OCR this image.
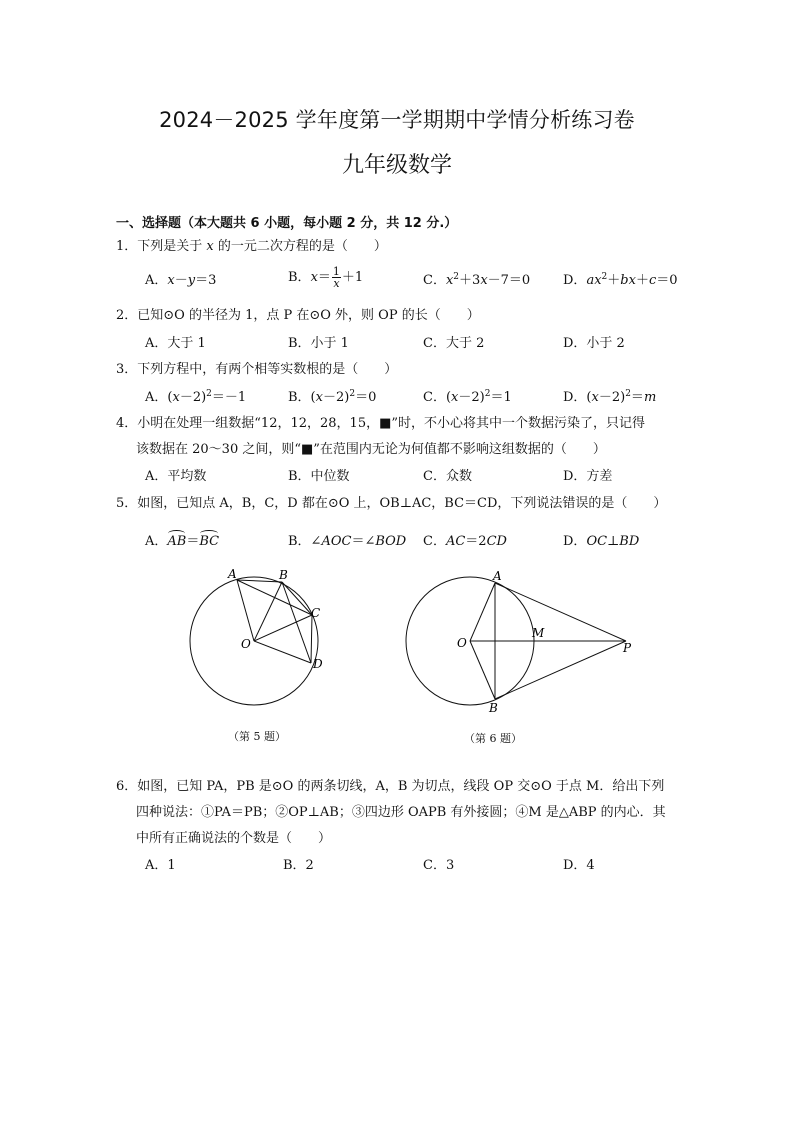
2024－2025 学年度第一学期期中学情分析练习卷
九年级数学
一、选择题（本大题共 6 小题，每小题 2 分，共 12 分.）
1．下列是关于 x 的一元二次方程的是（　　）
A．x－y＝3	B．$x= \frac{1}{x} +1$	C．$x^2+3x-7=0$	D．$ax^2+bx+c=0$
2．已知⊙O 的半径为 1，点 P 在⊙O 外，则 OP 的长（　　）
A．大于 1	B．小于 1	C．大于 2	D．小于 2
3．下列方程中，有两个相等实数根的是（　　）
A．$(x-2)^2=-1$	B．$(x-2)^2=0$	C．$(x-2)^2=1$	D．$(x-2)^2=m$
4．小明在处理一组数据“12，12，28，15，■”时，不小心将其中一个数据污染了，只记得
该数据在 20～30 之间，则“■”在范围内无论为何值都不影响这组数据的（　　）
A．平均数	B．中位数	C．众数	D．方差
5．如图，已知点 A，B，C，D 都在⊙O 上，OB⊥AC，BC＝CD，下列说法错误的是（　　）
A．AB＝BC	B．∠AOC＝∠BOD C．AC＝2CD	D．OC⊥BD
A	B
C
D
O
A
B
M
O	P
（第 5 题）	（第 6 题）
6．如图，已知 PA，PB 是⊙O 的两条切线，A，B 为切点，线段 OP 交⊙O 于点 M．给出下列
四种说法：①PA＝PB；②OP⊥AB；③四边形 OAPB 有外接圆；④M 是△ABP 的内心．其
中所有正确说法的个数是（　　）
A．1	B．2	C．3	D．4
